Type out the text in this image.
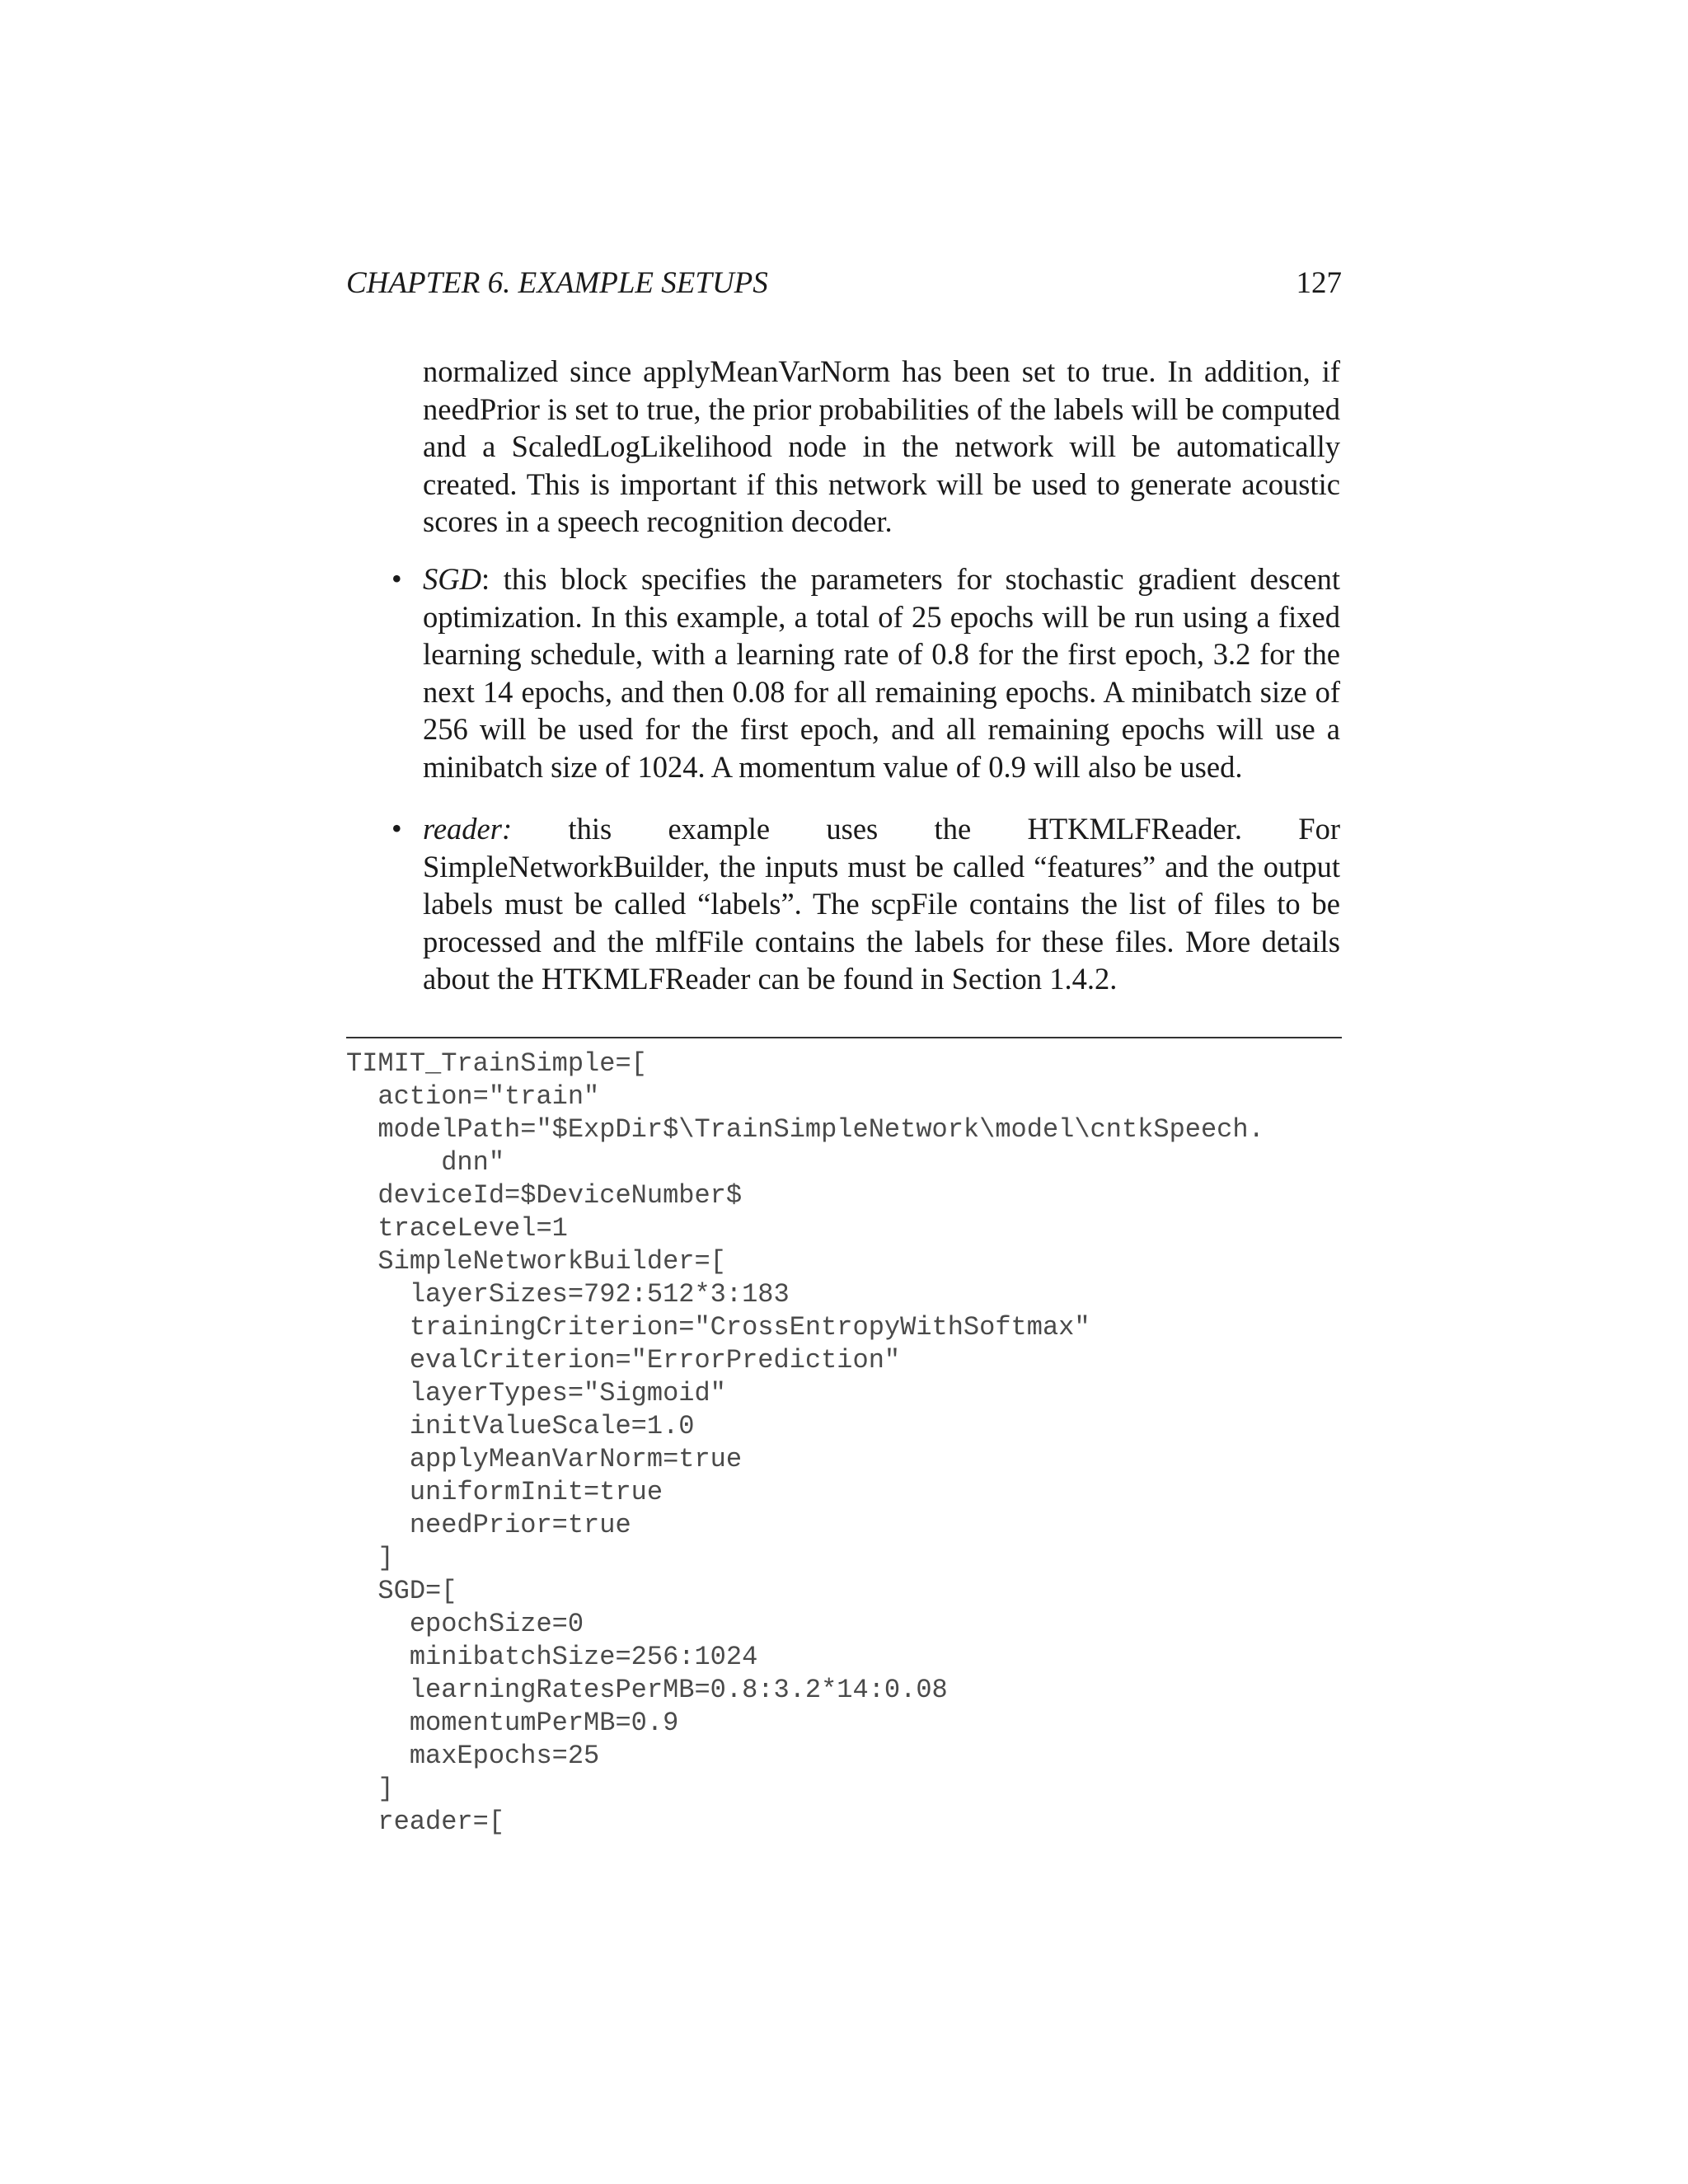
CHAPTER 6. EXAMPLE SETUPS	127

normalized since applyMeanVarNorm has been set to true. In addition, if needPrior is set to true, the prior probabilities of the labels will be computed and a ScaledLogLikelihood node in the network will be automatically created. This is important if this network will be used to generate acoustic scores in a speech recognition decoder.

• SGD: this block specifies the parameters for stochastic gradient descent optimization. In this example, a total of 25 epochs will be run using a fixed learning schedule, with a learning rate of 0.8 for the first epoch, 3.2 for the next 14 epochs, and then 0.08 for all remaining epochs. A minibatch size of 256 will be used for the first epoch, and all remaining epochs will use a minibatch size of 1024. A momentum value of 0.9 will also be used.
• reader: this example uses the HTKMLFReader. For SimpleNetworkBuilder, the inputs must be called “features” and the output labels must be called “labels”. The scpFile contains the list of files to be processed and the mlfFile contains the labels for these files. More details about the HTKMLFReader can be found in Section 1.4.2.
TIMIT_TrainSimple=[
action="train"
modelPath="$ExpDir$\TrainSimpleNetwork\model\cntkSpeech.
dnn"
deviceId=$DeviceNumber$
traceLevel=1
SimpleNetworkBuilder=[
layerSizes=792:512*3:183
trainingCriterion="CrossEntropyWithSoftmax"
evalCriterion="ErrorPrediction"
layerTypes="Sigmoid"
initValueScale=1.0
applyMeanVarNorm=true
uniformInit=true
needPrior=true
]
SGD=[
epochSize=0
minibatchSize=256:1024
learningRatesPerMB=0.8:3.2*14:0.08
momentumPerMB=0.9
maxEpochs=25
]
reader=[
